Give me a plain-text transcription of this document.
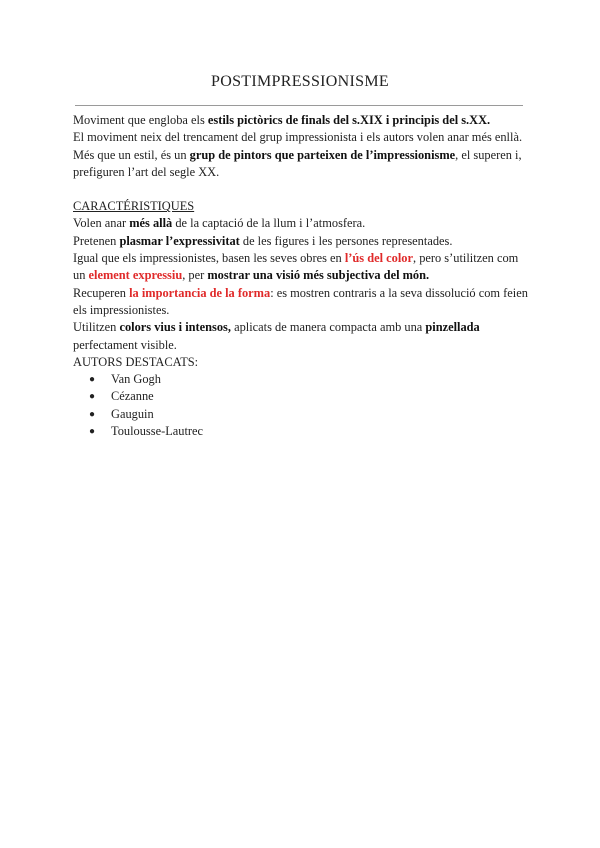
POSTIMPRESSIONISME

Moviment que engloba els estils pictòrics de finals del s.XIX i principis del s.XX.

El moviment neix del trencament del grup impressionista i els autors volen anar més enllà.

Més que un estil, és un grup de pintors que parteixen de l’impressionisme, el superen i, prefiguren l’art del segle XX.

CARACTÉRISTIQUES

Volen anar més allà de la captació de la llum i l’atmosfera.

Pretenen plasmar l’expressivitat de les figures i les persones representades.

Igual que els impressionistes, basen les seves obres en l’ús del color, pero s’utilitzen com un element expressiu, per mostrar una visió més subjectiva del món.

Recuperen la importancia de la forma: es mostren contraris a la seva dissolució com feien els impressionistes.

Utilitzen colors vius i intensos, aplicats de manera compacta amb una pinzellada perfectament visible.

AUTORS DESTACATS:

● Van Gogh
● Cézanne
● Gauguin
● Toulousse-Lautrec
